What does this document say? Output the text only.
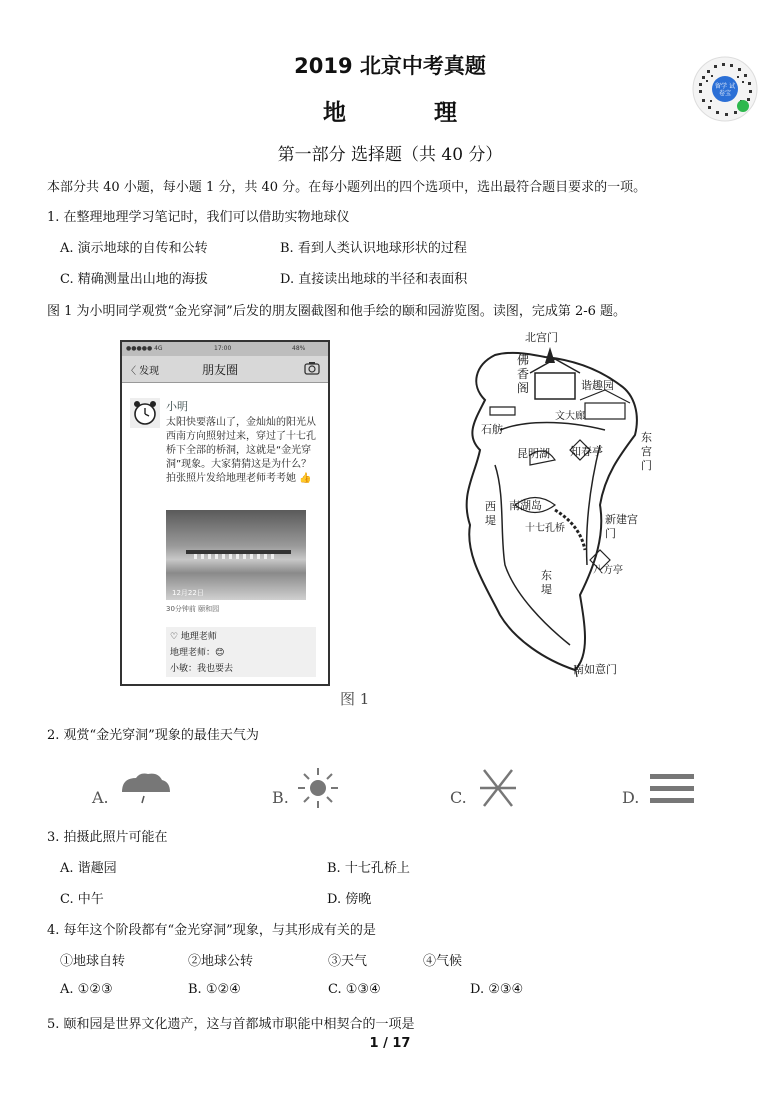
2019 北京中考真题
地 理
第一部分 选择题（共 40 分）
留学 试卷宝
本部分共 40 小题，每小题 1 分，共 40 分。在每小题列出的四个选项中，选出最符合题目要求的一项。
1. 在整理地理学习笔记时，我们可以借助实物地球仪
A. 演示地球的自传和公转	B. 看到人类认识地球形状的过程
C. 精确测量出山地的海拔	D. 直接读出地球的半径和表面积
图 1 为小明同学观赏“金光穿洞”后发的朋友圈截图和他手绘的颐和园游览图。读图，完成第 2-6 题。
●●●●● 4G	17:00	48%
〈 发现	朋友圈
小明
太阳快要落山了，金灿灿的阳光从西南方向照射过来，穿过了十七孔桥下全部的桥洞，这就是“金光穿洞”现象。大家猜猜这是为什么？拍张照片发给地理老师考考她 👍
12月22日
30分钟前 颐和园
♡ 地理老师
地理老师：😊
小敏：我也要去
北宫门
佛香阁	谐趣园
文大廊
石舫
东宫门
昆明湖 知春亭
西堤
南湖岛
十七孔桥
新建宫门
东堤
八方亭
南如意门
图 1
2. 观赏“金光穿洞”现象的最佳天气为
A.	B.	C.	D.
3. 拍摄此照片可能在
A. 谐趣园	B. 十七孔桥上
C. 中午	D. 傍晚
4. 每年这个阶段都有“金光穿洞”现象，与其形成有关的是
①地球自转	②地球公转	③天气	④气候
A. ①②③	B. ①②④	C. ①③④	D. ②③④
5. 颐和园是世界文化遗产，这与首都城市职能中相契合的一项是
1 / 17
